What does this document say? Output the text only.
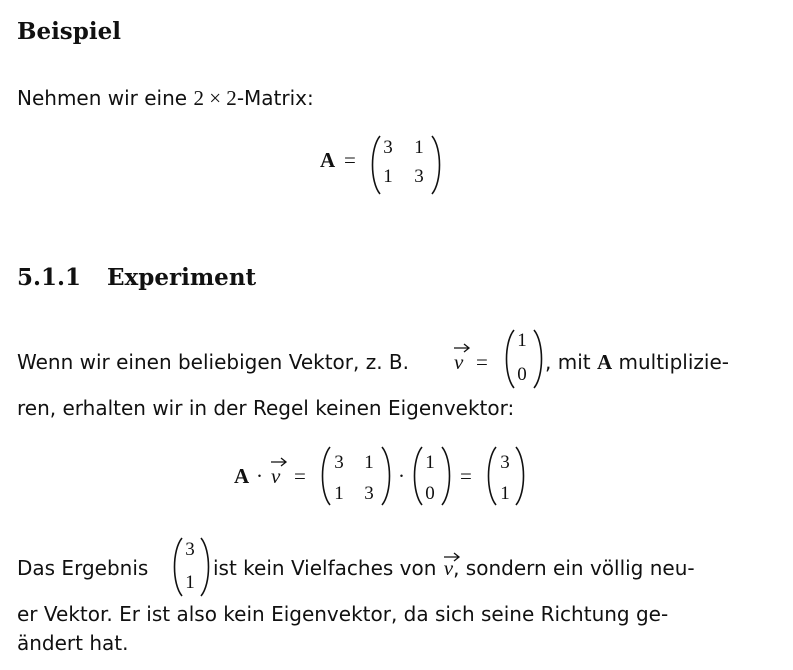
Beispiel
Nehmen wir eine 2 × 2-Matrix:
A =
3 1
1 3
5.1.1 Experiment
Wenn wir einen beliebigen Vektor, z. B. v =
1
0
, mit A multiplizie-
ren, erhalten wir in der Regel keinen Eigenvektor:
A · v =
3 1
1 3
·
1
0
=
3
1
Das Ergebnis
3
1
ist kein Vielfaches von
v, sondern ein völlig neu-
er Vektor. Er ist also kein Eigenvektor, da sich seine Richtung ge-
ändert hat.
